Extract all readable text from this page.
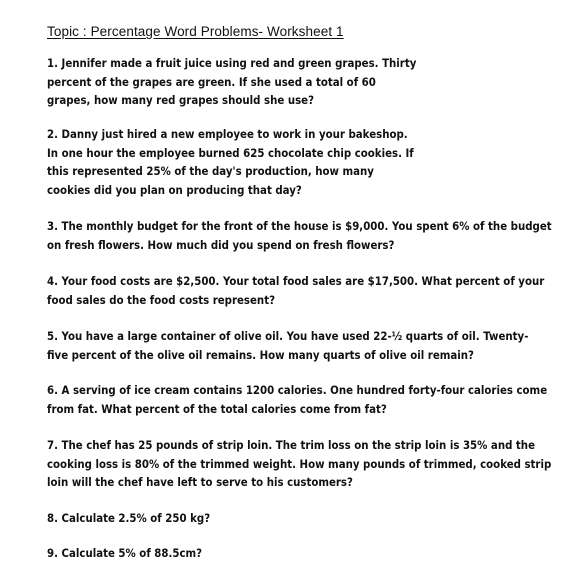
Topic : Percentage Word Problems- Worksheet 1
1. Jennifer made a fruit juice using red and green grapes. Thirty
percent of the grapes are green. If she used a total of 60
grapes, how many red grapes should she use?
2. Danny just hired a new employee to work in your bakeshop.
In one hour the employee burned 625 chocolate chip cookies. If
this represented 25% of the day's production, how many
cookies did you plan on producing that day?
3. The monthly budget for the front of the house is $9,000. You spent 6% of the budget
on fresh flowers. How much did you spend on fresh flowers?
4. Your food costs are $2,500. Your total food sales are $17,500. What percent of your
food sales do the food costs represent?
5. You have a large container of olive oil. You have used 22-½ quarts of oil. Twenty-
five percent of the olive oil remains. How many quarts of olive oil remain?
6. A serving of ice cream contains 1200 calories. One hundred forty-four calories come
from fat. What percent of the total calories come from fat?
7. The chef has 25 pounds of strip loin. The trim loss on the strip loin is 35% and the
cooking loss is 80% of the trimmed weight. How many pounds of trimmed, cooked strip
loin will the chef have left to serve to his customers?
8. Calculate 2.5% of 250 kg?
9. Calculate 5% of 88.5cm?
